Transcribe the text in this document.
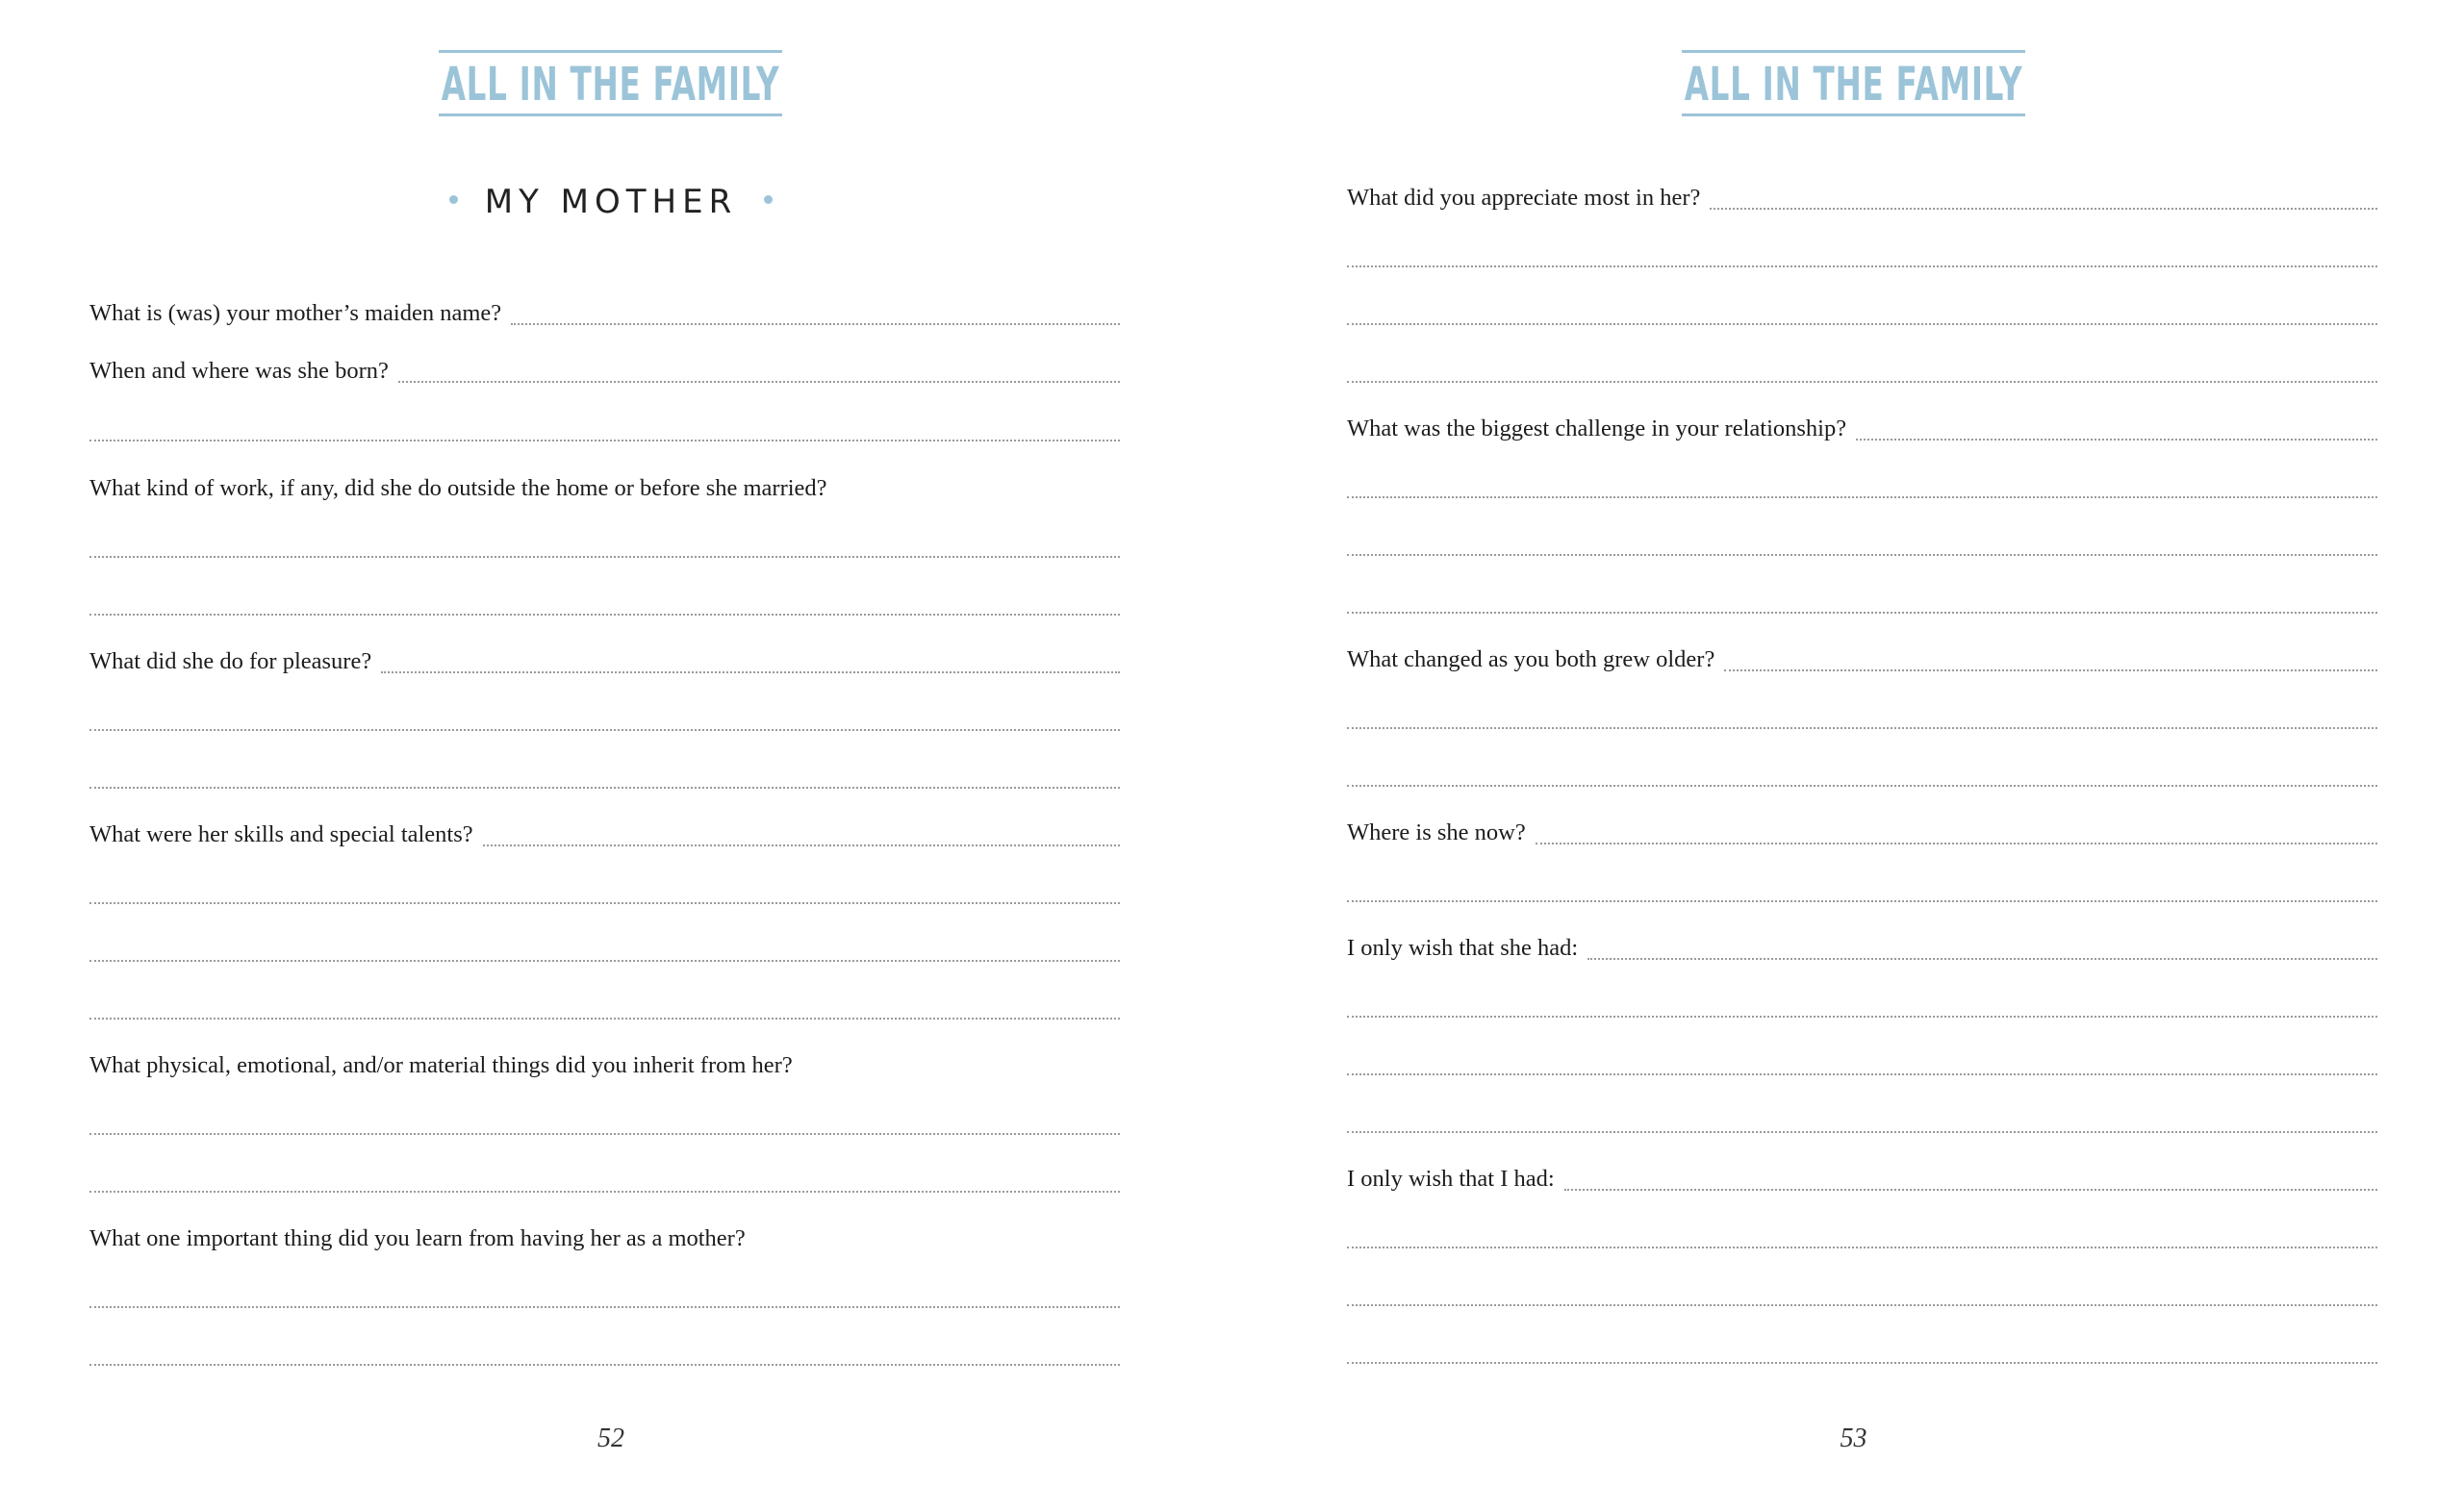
ALL IN THE FAMILY
MY MOTHER
What is (was) your mother’s maiden name?
When and where was she born?
What kind of work, if any, did she do outside the home or before she married?
What did she do for pleasure?
What were her skills and special talents?
What physical, emotional, and/or material things did you inherit from her?
What one important thing did you learn from having her as a mother?
52
ALL IN THE FAMILY
What did you appreciate most in her?
What was the biggest challenge in your relationship?
What changed as you both grew older?
Where is she now?
I only wish that she had:
I only wish that I had:
53
